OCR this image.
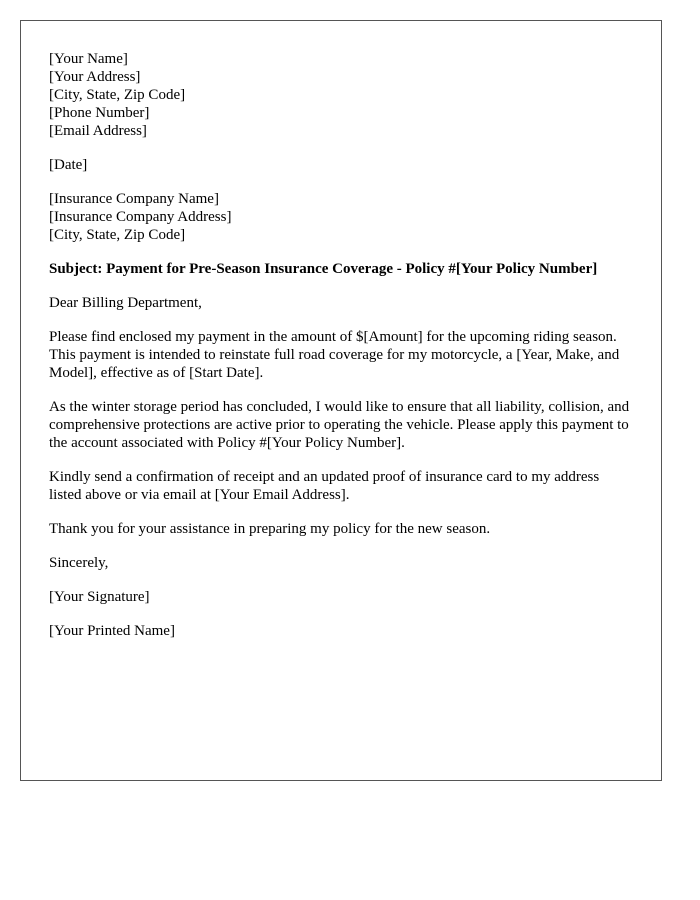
[Your Name]
[Your Address]
[City, State, Zip Code]
[Phone Number]
[Email Address]
[Date]
[Insurance Company Name]
[Insurance Company Address]
[City, State, Zip Code]

Subject: Payment for Pre-Season Insurance Coverage - Policy #[Your Policy Number]

Dear Billing Department,

Please find enclosed my payment in the amount of $[Amount] for the upcoming riding season. This payment is intended to reinstate full road coverage for my motorcycle, a [Year, Make, and Model], effective as of [Start Date].

As the winter storage period has concluded, I would like to ensure that all liability, collision, and comprehensive protections are active prior to operating the vehicle. Please apply this payment to the account associated with Policy #[Your Policy Number].

Kindly send a confirmation of receipt and an updated proof of insurance card to my address listed above or via email at [Your Email Address].

Thank you for your assistance in preparing my policy for the new season.

Sincerely,

[Your Signature]

[Your Printed Name]
